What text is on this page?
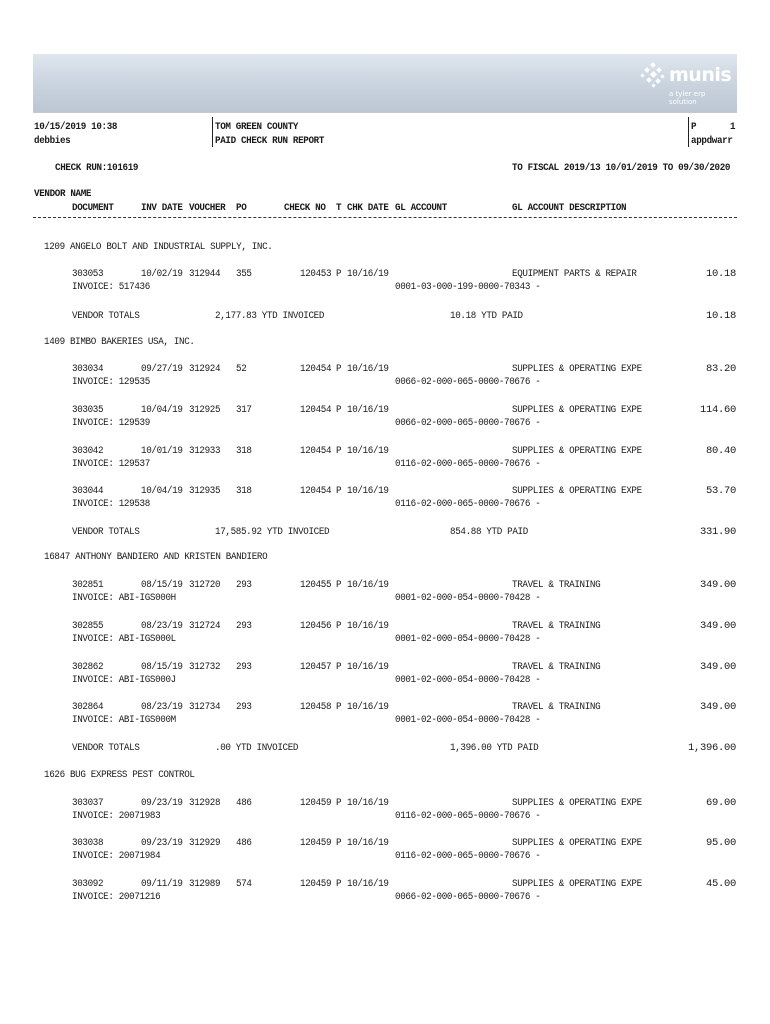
munis
a tyler erp solution
10/15/2019 10:38
debbies
TOM GREEN COUNTY
PAID CHECK RUN REPORT
P	1
appdwarr
CHECK RUN:101619	TO FISCAL 2019/13 10/01/2019 TO 09/30/2020
VENDOR NAME
DOCUMENT	INV DATE VOUCHER PO	CHECK NO T CHK DATE GL ACCOUNT	GL ACCOUNT DESCRIPTION
1209 ANGELO BOLT AND INDUSTRIAL SUPPLY, INC.
303053	10/02/19 312944 355	120453 P 10/16/19	EQUIPMENT PARTS & REPAIR	10.18
INVOICE: 517436	0001-03-000-199-0000-70343 -
VENDOR TOTALS	2,177.83 YTD INVOICED	10.18 YTD PAID	10.18
1409 BIMBO BAKERIES USA, INC.
303034	09/27/19 312924 52	120454 P 10/16/19	SUPPLIES & OPERATING EXPE	83.20
INVOICE: 129535	0066-02-000-065-0000-70676 -
303035	10/04/19 312925 317	120454 P 10/16/19	SUPPLIES & OPERATING EXPE	114.60
INVOICE: 129539	0066-02-000-065-0000-70676 -
303042	10/01/19 312933 318	120454 P 10/16/19	SUPPLIES & OPERATING EXPE	80.40
INVOICE: 129537	0116-02-000-065-0000-70676 -
303044	10/04/19 312935 318	120454 P 10/16/19	SUPPLIES & OPERATING EXPE	53.70
INVOICE: 129538	0116-02-000-065-0000-70676 -
VENDOR TOTALS	17,585.92 YTD INVOICED	854.88 YTD PAID	331.90
16847 ANTHONY BANDIERO AND KRISTEN BANDIERO
302851	08/15/19 312720 293	120455 P 10/16/19	TRAVEL & TRAINING	349.00
INVOICE: ABI-IGS000H	0001-02-000-054-0000-70428 -
302855	08/23/19 312724 293	120456 P 10/16/19	TRAVEL & TRAINING	349.00
INVOICE: ABI-IGS000L	0001-02-000-054-0000-70428 -
302862	08/15/19 312732 293	120457 P 10/16/19	TRAVEL & TRAINING	349.00
INVOICE: ABI-IGS000J	0001-02-000-054-0000-70428 -
302864	08/23/19 312734 293	120458 P 10/16/19	TRAVEL & TRAINING	349.00
INVOICE: ABI-IGS000M	0001-02-000-054-0000-70428 -
VENDOR TOTALS	.00 YTD INVOICED	1,396.00 YTD PAID	1,396.00
1626 BUG EXPRESS PEST CONTROL
303037	09/23/19 312928 486	120459 P 10/16/19	SUPPLIES & OPERATING EXPE	69.00
INVOICE: 20071983	0116-02-000-065-0000-70676 -
303038	09/23/19 312929 486	120459 P 10/16/19	SUPPLIES & OPERATING EXPE	95.00
INVOICE: 20071984	0116-02-000-065-0000-70676 -
303092	09/11/19 312989 574	120459 P 10/16/19	SUPPLIES & OPERATING EXPE	45.00
INVOICE: 20071216	0066-02-000-065-0000-70676 -
